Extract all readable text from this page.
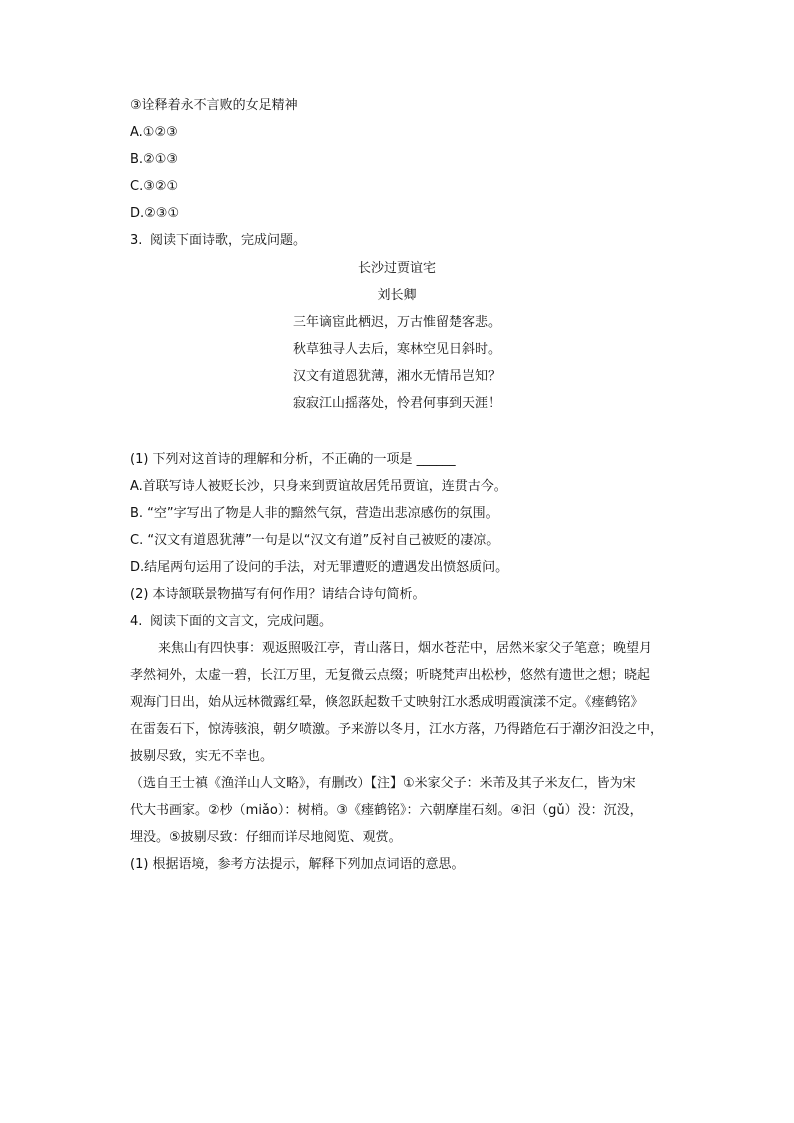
③诠释着永不言败的女足精神
A.①②③
B.②①③
C.③②①
D.②③①
3. 阅读下面诗歌，完成问题。
长沙过贾谊宅
刘长卿
三年谪宦此栖迟，万古惟留楚客悲。
秋草独寻人去后，寒林空见日斜时。
汉文有道恩犹薄，湘水无情吊岂知？
寂寂江山摇落处，怜君何事到天涯！
(1) 下列对这首诗的理解和分析，不正确的一项是 ______
A.首联写诗人被贬长沙，只身来到贾谊故居凭吊贾谊，连贯古今。
B. “空”字写出了物是人非的黯然气氛，营造出悲凉感伤的氛围。
C. “汉文有道恩犹薄”一句是以“汉文有道”反衬自己被贬的凄凉。
D.结尾两句运用了设问的手法，对无罪遭贬的遭遇发出愤怒质问。
(2) 本诗颔联景物描写有何作用？请结合诗句简析。
4. 阅读下面的文言文，完成问题。
来焦山有四快事：观返照吸江亭，青山落日，烟水苍茫中，居然米家父子笔意；晚望月
孝然祠外，太虚一碧，长江万里，无复微云点缀；听晓梵声出松杪，悠然有遗世之想；晓起
观海门日出，始从远林微露红晕，倏忽跃起数千丈映射江水悉成明霞演漾不定。《瘗鹤铭》
在雷轰石下，惊涛骇浪，朝夕喷激。予来游以冬月，江水方落，乃得踏危石于潮汐汩没之中，
披剔尽致，实无不幸也。
（选自王士禛《渔洋山人文略》，有删改）【注】①米家父子：米芾及其子米友仁，皆为宋
代大书画家。②杪（miǎo）：树梢。③《瘗鹤铭》：六朝摩崖石刻。④汩（gǔ）没：沉没，
埋没。⑤披剔尽致：仔细而详尽地阅览、观赏。
(1) 根据语境，参考方法提示，解释下列加点词语的意思。
